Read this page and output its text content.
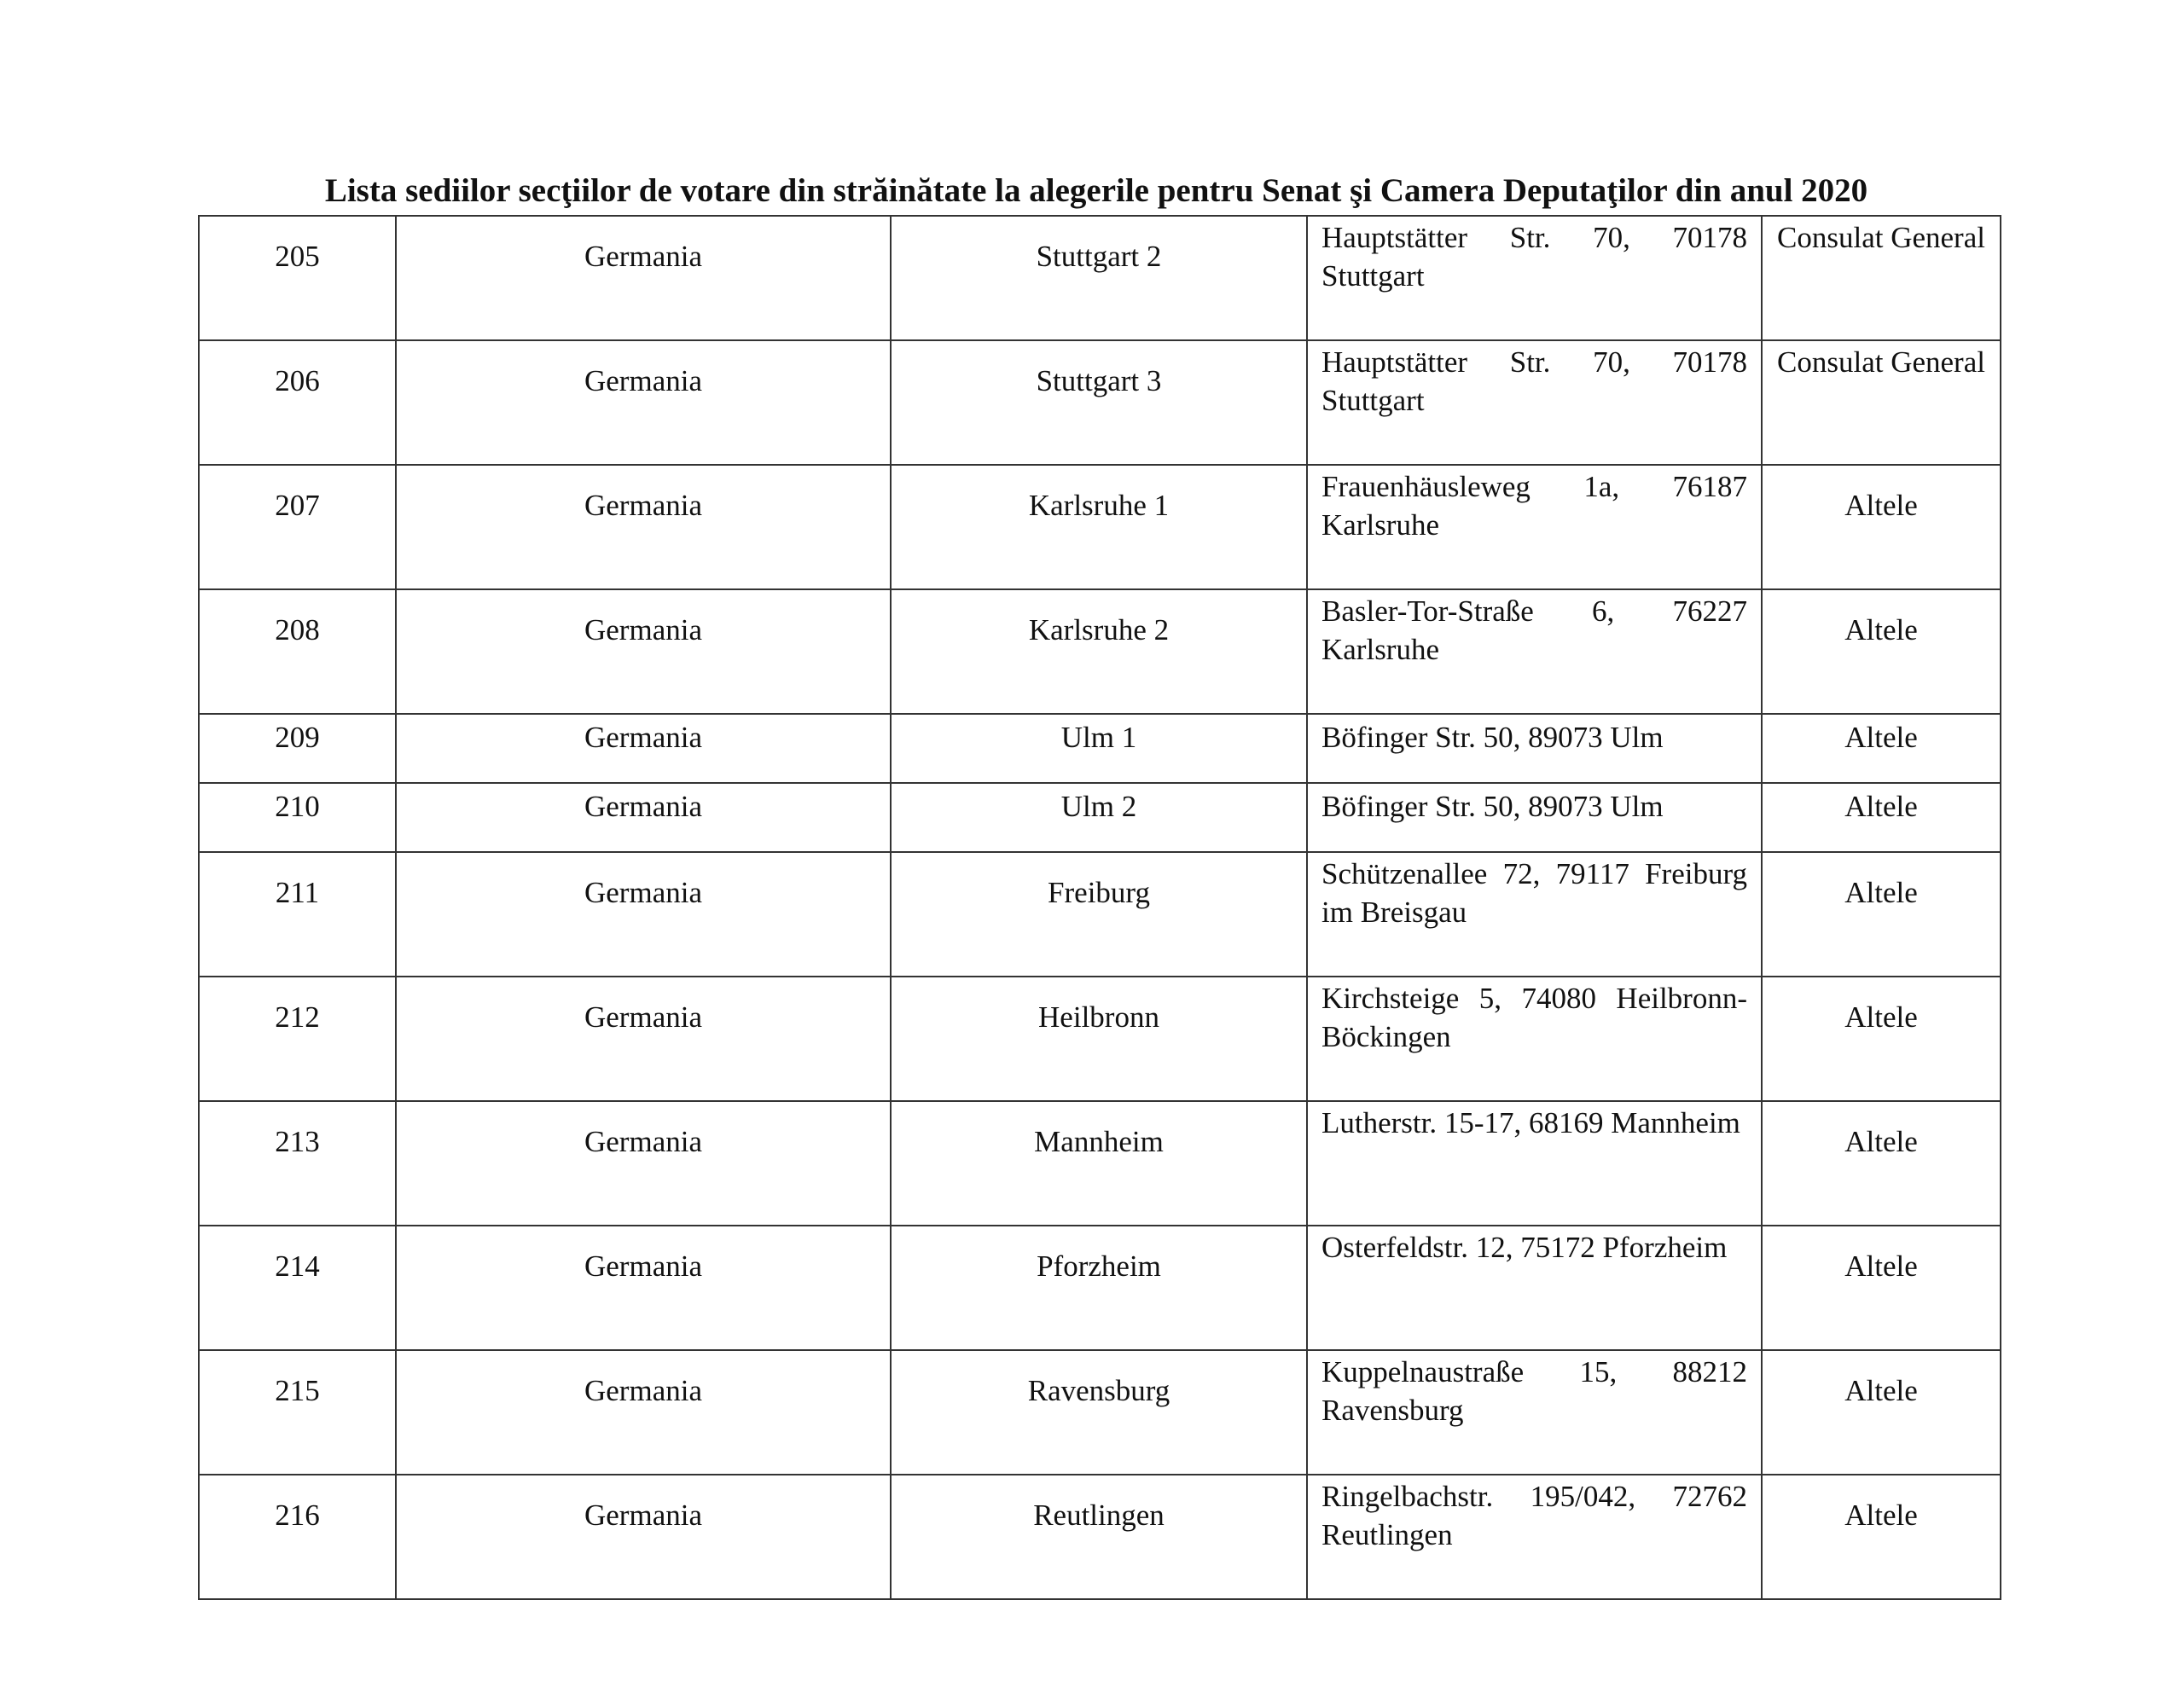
Lista sediilor secţiilor de votare din străinătate la alegerile pentru Senat şi Camera Deputaţilor din anul 2020
205	Germania	Stuttgart 2	Hauptstätter Str. 70, 70178 Stuttgart	Consulat General
206	Germania	Stuttgart 3	Hauptstätter Str. 70, 70178 Stuttgart	Consulat General
207	Germania	Karlsruhe 1	Frauenhäusleweg 1a, 76187 Karlsruhe	Altele
208	Germania	Karlsruhe 2	Basler-Tor-Straße 6, 76227 Karlsruhe	Altele
209	Germania	Ulm 1	Böfinger Str. 50, 89073 Ulm	Altele
210	Germania	Ulm 2	Böfinger Str. 50, 89073 Ulm	Altele
211	Germania	Freiburg	Schützenallee 72, 79117 Freiburg im Breisgau	Altele
212	Germania	Heilbronn	Kirchsteige 5, 74080 Heilbronn-Böckingen	Altele
213	Germania	Mannheim	Lutherstr. 15-17, 68169 Mannheim	Altele
214	Germania	Pforzheim	Osterfeldstr. 12, 75172 Pforzheim	Altele
215	Germania	Ravensburg	Kuppelnaustraße 15, 88212 Ravensburg	Altele
216	Germania	Reutlingen	Ringelbachstr. 195/042, 72762 Reutlingen	Altele
